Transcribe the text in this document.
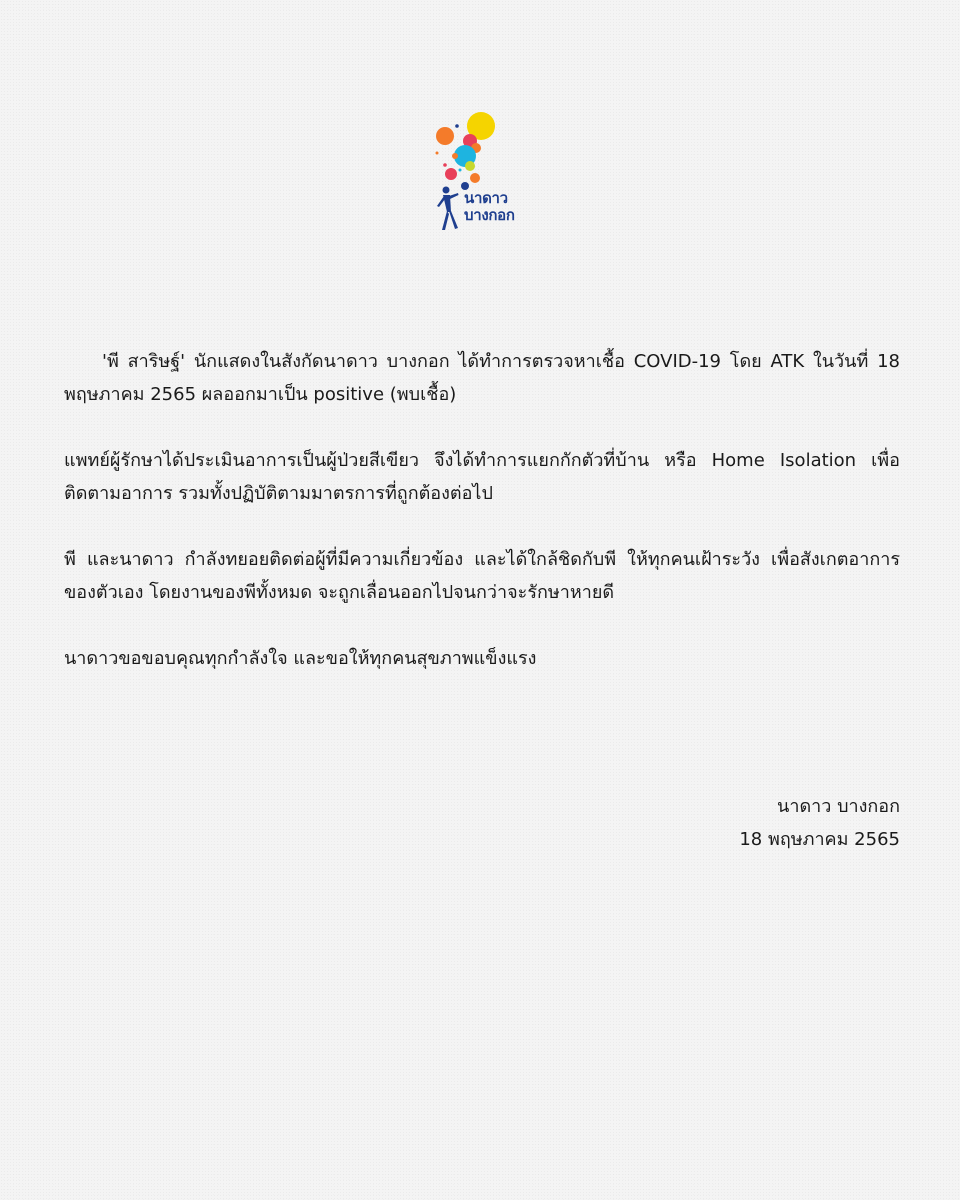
นาดาว
บางกอก

'พี สาริษฐ์' นักแสดงในสังกัดนาดาว บางกอก ได้ทำการตรวจหาเชื้อ COVID-19 โดย ATK ในวันที่ 18 พฤษภาคม 2565 ผลออกมาเป็น positive (พบเชื้อ)

แพทย์ผู้รักษาได้ประเมินอาการเป็นผู้ป่วยสีเขียว จึงได้ทำการแยกกักตัวที่บ้าน หรือ Home Isolation เพื่อติดตามอาการ รวมทั้งปฏิบัติตามมาตรการที่ถูกต้องต่อไป

พี และนาดาว กำลังทยอยติดต่อผู้ที่มีความเกี่ยวข้อง และได้ใกล้ชิดกับพี ให้ทุกคนเฝ้าระวัง เพื่อสังเกตอาการของตัวเอง โดยงานของพีทั้งหมด จะถูกเลื่อนออกไปจนกว่าจะรักษาหายดี

นาดาวขอขอบคุณทุกกำลังใจ และขอให้ทุกคนสุขภาพแข็งแรง

นาดาว บางกอก
18 พฤษภาคม 2565
